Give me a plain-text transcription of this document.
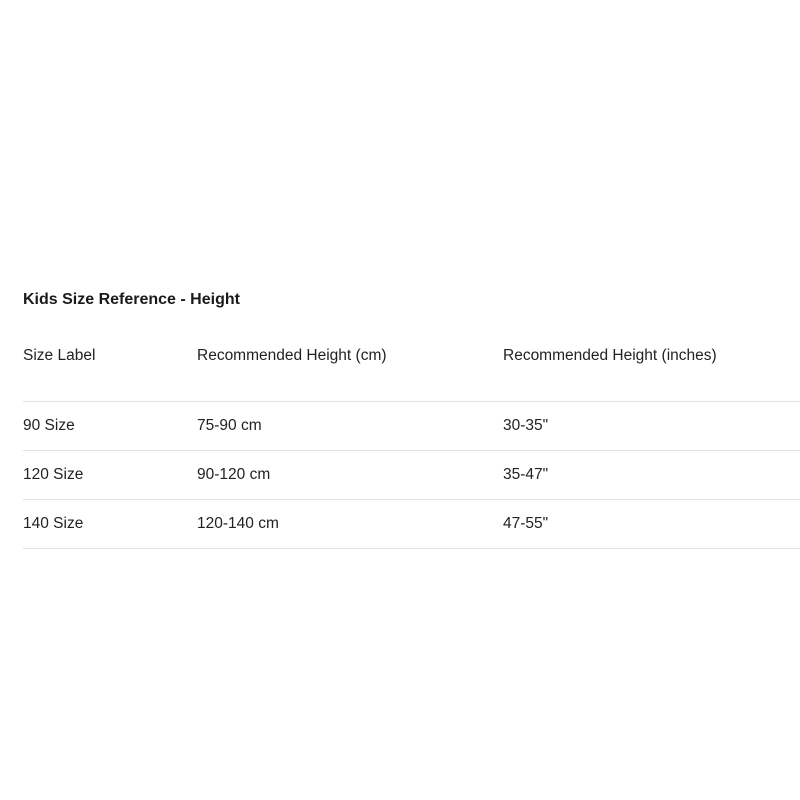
Kids Size Reference - Height
Size Label	Recommended Height (cm)	Recommended Height (inches)
90 Size	75-90 cm	30-35"
120 Size	90-120 cm	35-47"
140 Size	120-140 cm	47-55"
